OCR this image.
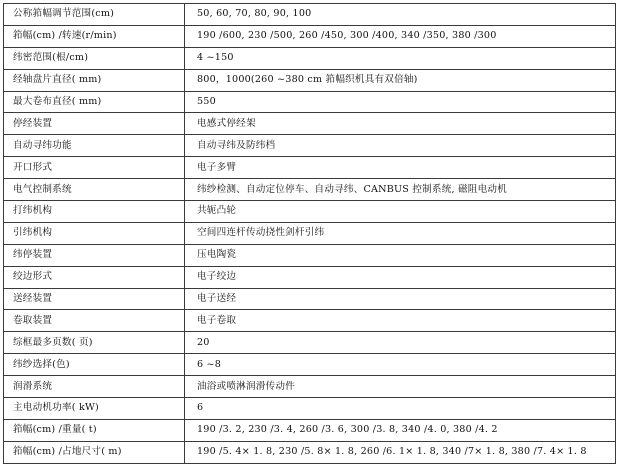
公称筘幅调节范围(cm)	50, 60, 70, 80, 90, 100
筘幅(cm) /转速(r/min)	190 /600, 230 /500, 260 /450, 300 /400, 340 /350, 380 /300
纬密范围(根/cm)	4 ~150
经轴盘片直径( mm)	800，1000(260 ~380 cm 筘幅织机具有双倍轴)
最大卷布直径( mm)	550
停经装置	电感式停经架
自动寻纬功能	自动寻纬及防纬档
开口形式	电子多臂
电气控制系统	纬纱检测、自动定位停车、自动寻纬、CANBUS 控制系统, 磁阻电动机
打纬机构	共轭凸轮
引纬机构	空间四连杆传动挠性剑杆引纬
纬停装置	压电陶瓷
绞边形式	电子绞边
送经装置	电子送经
卷取装置	电子卷取
综框最多页数( 页)	20
纬纱选择(色)	6 ~8
润滑系统	油浴或喷淋润滑传动件
主电动机功率( kW)	6
筘幅(cm) /重量( t)	190 /3. 2, 230 /3. 4, 260 /3. 6, 300 /3. 8, 340 /4. 0, 380 /4. 2
筘幅(cm) /占地尺寸( m)	190 /5. 4× 1. 8, 230 /5. 8× 1. 8, 260 /6. 1× 1. 8, 340 /7× 1. 8, 380 /7. 4× 1. 8
